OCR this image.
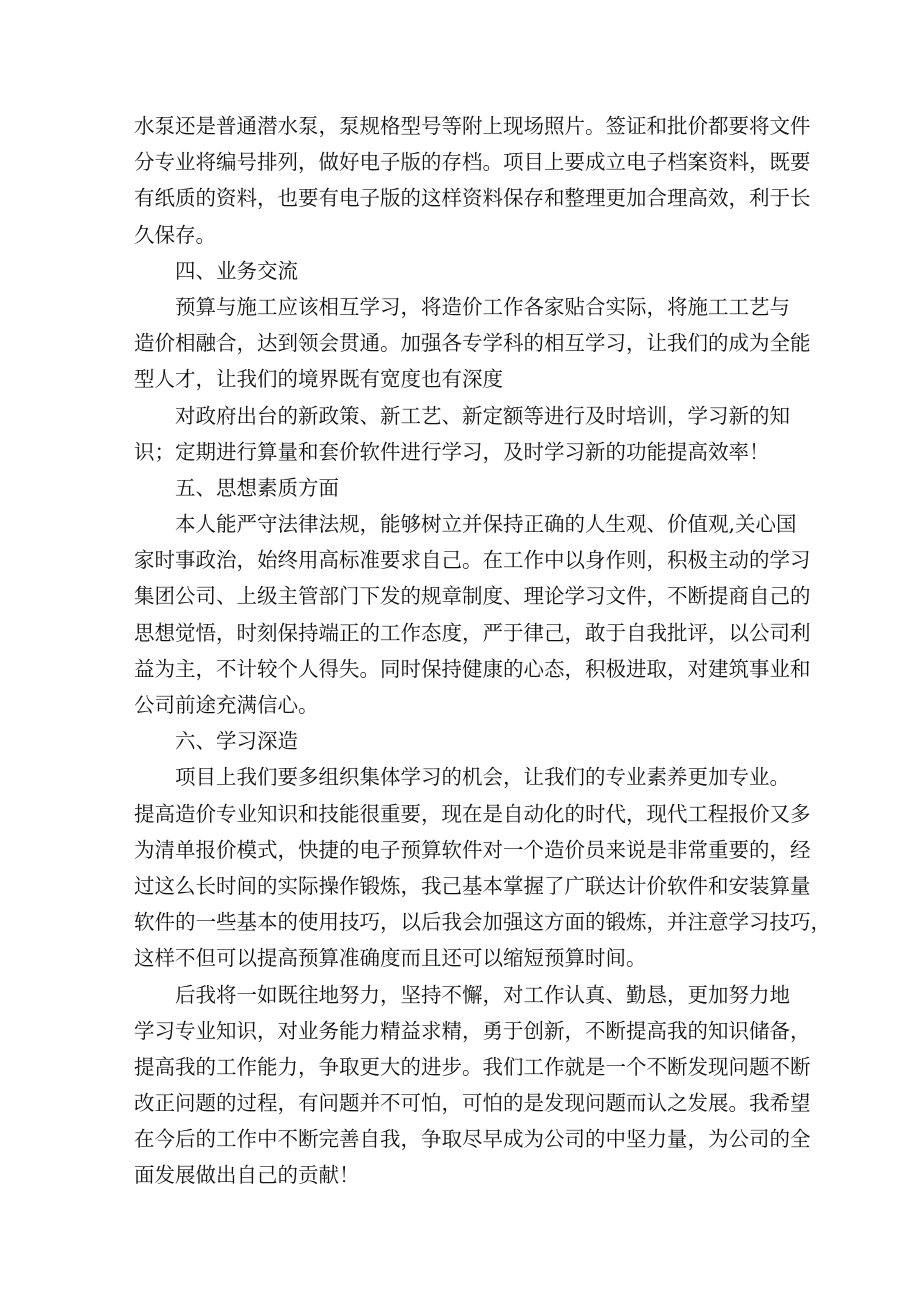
水泵还是普通潜水泵，泵规格型号等附上现场照片。签证和批价都要将文件
分专业将编号排列，做好电子版的存档。项目上要成立电子档案资料，既要
有纸质的资料，也要有电子版的这样资料保存和整理更加合理高效，利于长
久保存。
四、业务交流
预算与施工应该相互学习，将造价工作各家贴合实际，将施工工艺与
造价相融合，达到领会贯通。加强各专学科的相互学习，让我们的成为全能
型人才，让我们的境界既有宽度也有深度
对政府出台的新政策、新工艺、新定额等进行及时培训，学习新的知
识；定期进行算量和套价软件进行学习，及时学习新的功能提高效率！
五、思想素质方面
本人能严守法律法规，能够树立并保持正确的人生观、价值观,关心国
家时事政治，始终用高标准要求自己。在工作中以身作则，积极主动的学习
集团公司、上级主管部门下发的规章制度、理论学习文件，不断提商自己的
思想觉悟，时刻保持端正的工作态度，严于律己，敢于自我批评，以公司利
益为主，不计较个人得失。同时保持健康的心态，积极进取，对建筑事业和
公司前途充满信心。
六、学习深造
项目上我们要多组织集体学习的机会，让我们的专业素养更加专业。
提高造价专业知识和技能很重要，现在是自动化的时代，现代工程报价又多
为清单报价模式，快捷的电子预算软件对一个造价员来说是非常重要的，经
过这么长时间的实际操作锻炼，我己基本掌握了广联达计价软件和安装算量
软件的一些基本的使用技巧，以后我会加强这方面的锻炼，并注意学习技巧，
这样不但可以提高预算准确度而且还可以缩短预算时间。
后我将一如既往地努力，坚持不懈，对工作认真、勤恳，更加努力地
学习专业知识，对业务能力精益求精，勇于创新，不断提高我的知识储备，
提高我的工作能力，争取更大的进步。我们工作就是一个不断发现问题不断
改正问题的过程，有问题并不可怕，可怕的是发现问题而认之发展。我希望
在今后的工作中不断完善自我，争取尽早成为公司的中坚力量，为公司的全
面发展做出自己的贡献！
